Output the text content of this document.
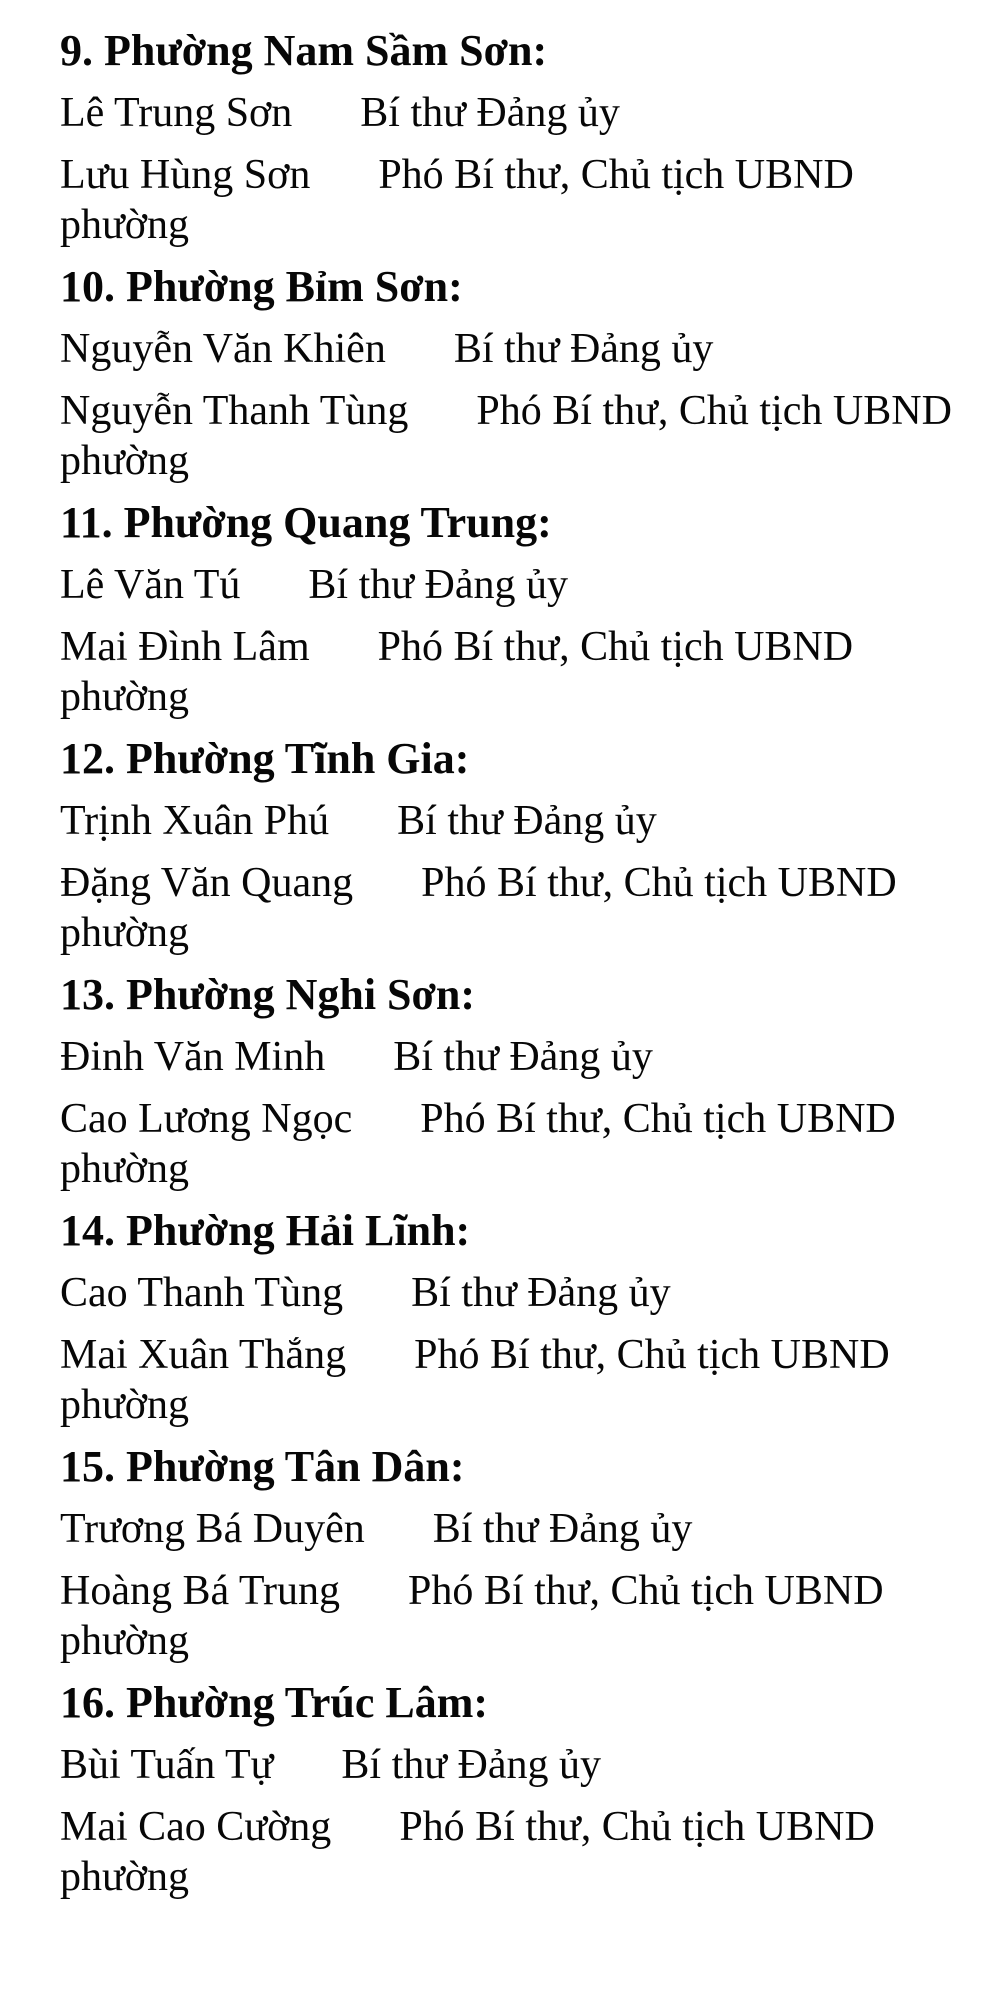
9. Phường Nam Sầm Sơn:

Lê Trung Sơn Bí thư Đảng ủy

Lưu Hùng Sơn Phó Bí thư, Chủ tịch UBND phường

10. Phường Bỉm Sơn:

Nguyễn Văn Khiên Bí thư Đảng ủy

Nguyễn Thanh Tùng Phó Bí thư, Chủ tịch UBND phường

11. Phường Quang Trung:

Lê Văn Tú Bí thư Đảng ủy

Mai Đình Lâm Phó Bí thư, Chủ tịch UBND phường

12. Phường Tĩnh Gia:

Trịnh Xuân Phú Bí thư Đảng ủy

Đặng Văn Quang Phó Bí thư, Chủ tịch UBND phường

13. Phường Nghi Sơn:

Đinh Văn Minh Bí thư Đảng ủy

Cao Lương Ngọc Phó Bí thư, Chủ tịch UBND phường

14. Phường Hải Lĩnh:

Cao Thanh Tùng Bí thư Đảng ủy

Mai Xuân Thắng Phó Bí thư, Chủ tịch UBND phường

15. Phường Tân Dân:

Trương Bá Duyên Bí thư Đảng ủy

Hoàng Bá Trung Phó Bí thư, Chủ tịch UBND phường

16. Phường Trúc Lâm:

Bùi Tuấn Tự Bí thư Đảng ủy

Mai Cao Cường Phó Bí thư, Chủ tịch UBND phường
